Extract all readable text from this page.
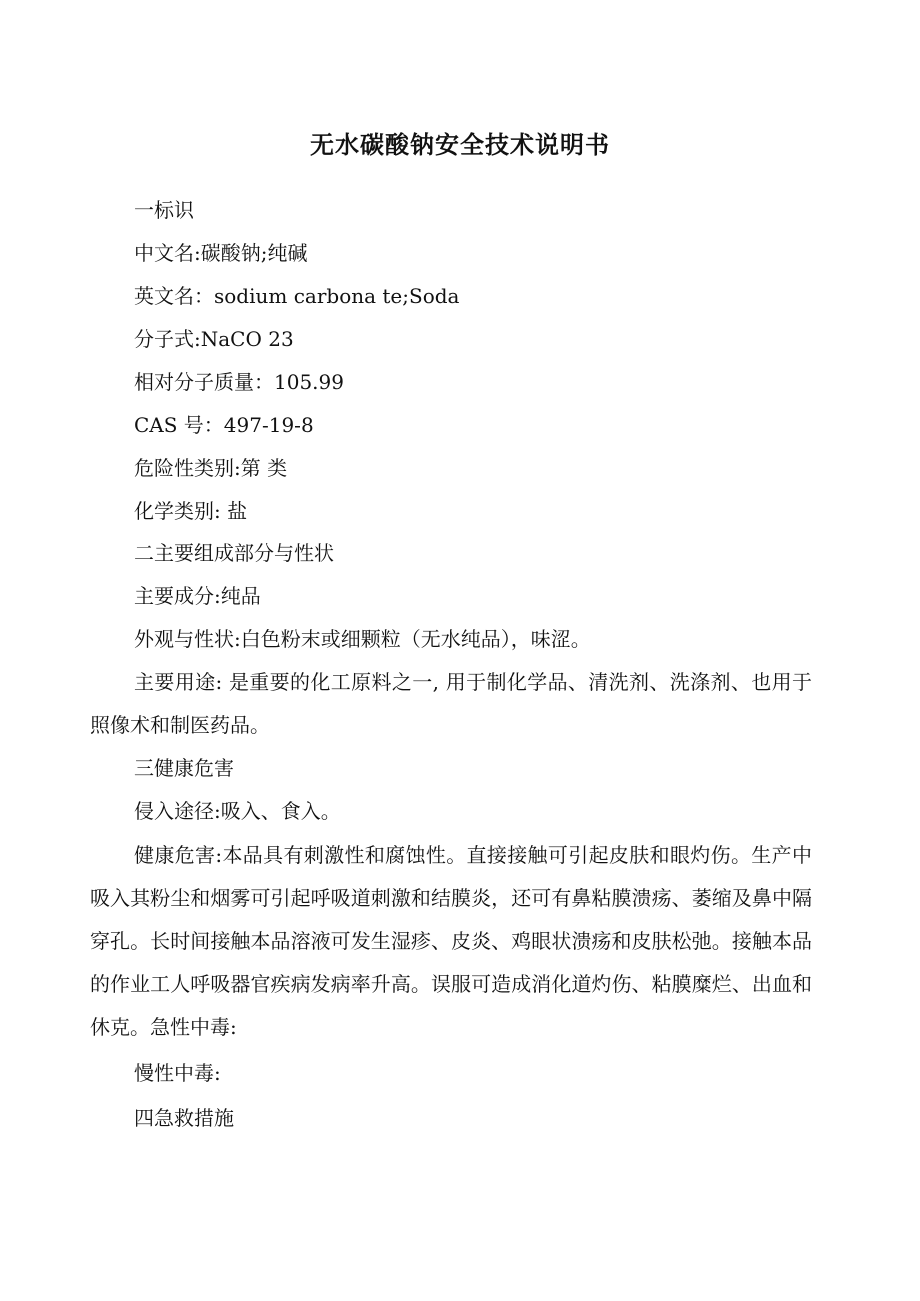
无水碳酸钠安全技术说明书
一标识
中文名:碳酸钠;纯碱
英文名：sodium carbona te;Soda
分子式:NaCO 23
相对分子质量：105.99
CAS 号：497-19-8
危险性类别:第 类
化学类别: 盐
二主要组成部分与性状
主要成分:纯品
外观与性状:白色粉末或细颗粒（无水纯品），味涩。
主要用途: 是重要的化工原料之一, 用于制化学品、清洗剂、洗涤剂、也用于
照像术和制医药品。
三健康危害
侵入途径:吸入、食入。
健康危害:本品具有刺激性和腐蚀性。直接接触可引起皮肤和眼灼伤。生产中
吸入其粉尘和烟雾可引起呼吸道刺激和结膜炎，还可有鼻粘膜溃疡、萎缩及鼻中隔
穿孔。长时间接触本品溶液可发生湿疹、皮炎、鸡眼状溃疡和皮肤松弛。接触本品
的作业工人呼吸器官疾病发病率升高。误服可造成消化道灼伤、粘膜糜烂、出血和
休克。急性中毒:
慢性中毒:
四急救措施
